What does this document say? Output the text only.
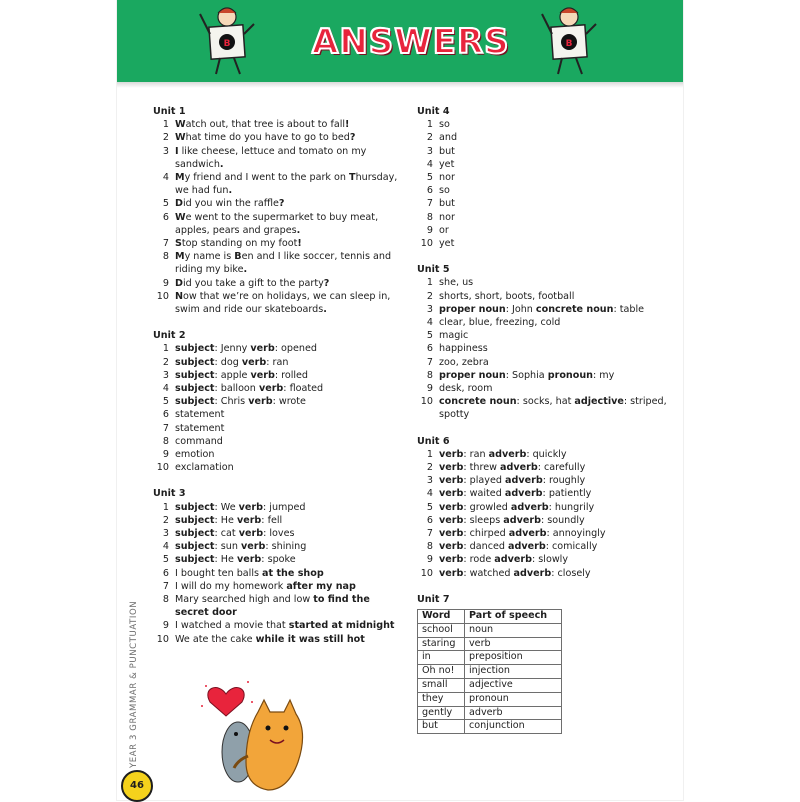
B ANSWERS	B
Unit 1
1 Watch out, that tree is about to fall!
2 What time do you have to go to bed?
3 I like cheese, lettuce and tomato on my sandwich.
4 My friend and I went to the park on Thursday, we had fun.
5 Did you win the raffle?
6 We went to the supermarket to buy meat, apples, pears and grapes.
7 Stop standing on my foot!
8 My name is Ben and I like soccer, tennis and riding my bike.
9 Did you take a gift to the party?
10 Now that we’re on holidays, we can sleep in, swim and ride our skateboards.
Unit 2
1 subject: Jenny verb: opened
2 subject: dog verb: ran
3 subject: apple verb: rolled
4 subject: balloon verb: floated
5 subject: Chris verb: wrote
6 statement
7 statement
8 command
9 emotion
10 exclamation
Unit 3
1 subject: We verb: jumped
2 subject: He verb: fell
3 subject: cat verb: loves
4 subject: sun verb: shining
5 subject: He verb: spoke
6 I bought ten balls at the shop
7 I will do my homework after my nap
8 Mary searched high and low to find the secret door
9 I watched a movie that started at midnight
10 We ate the cake while it was still hot
Unit 4
1 so
2 and
3 but
4 yet
5 nor
6 so
7 but
8 nor
9 or
10 yet
Unit 5
1 she, us
2 shorts, short, boots, football
3 proper noun: John concrete noun: table
4 clear, blue, freezing, cold
5 magic
6 happiness
7 zoo, zebra
8 proper noun: Sophia pronoun: my
9 desk, room
10 concrete noun: socks, hat adjective: striped, spotty
Unit 6
1 verb: ran adverb: quickly
2 verb: threw adverb: carefully
3 verb: played adverb: roughly
4 verb: waited adverb: patiently
5 verb: growled adverb: hungrily
6 verb: sleeps adverb: soundly
7 verb: chirped adverb: annoyingly
8 verb: danced adverb: comically
9 verb: rode adverb: slowly
10 verb: watched adverb: closely
Unit 7
Word	Part of speech
school	noun
staring	verb
in	preposition
Oh no!	injection
small	adjective
they	pronoun
gently	adverb
but	conjunction
YEAR 3 GRAMMAR & PUNCTUATION
46
